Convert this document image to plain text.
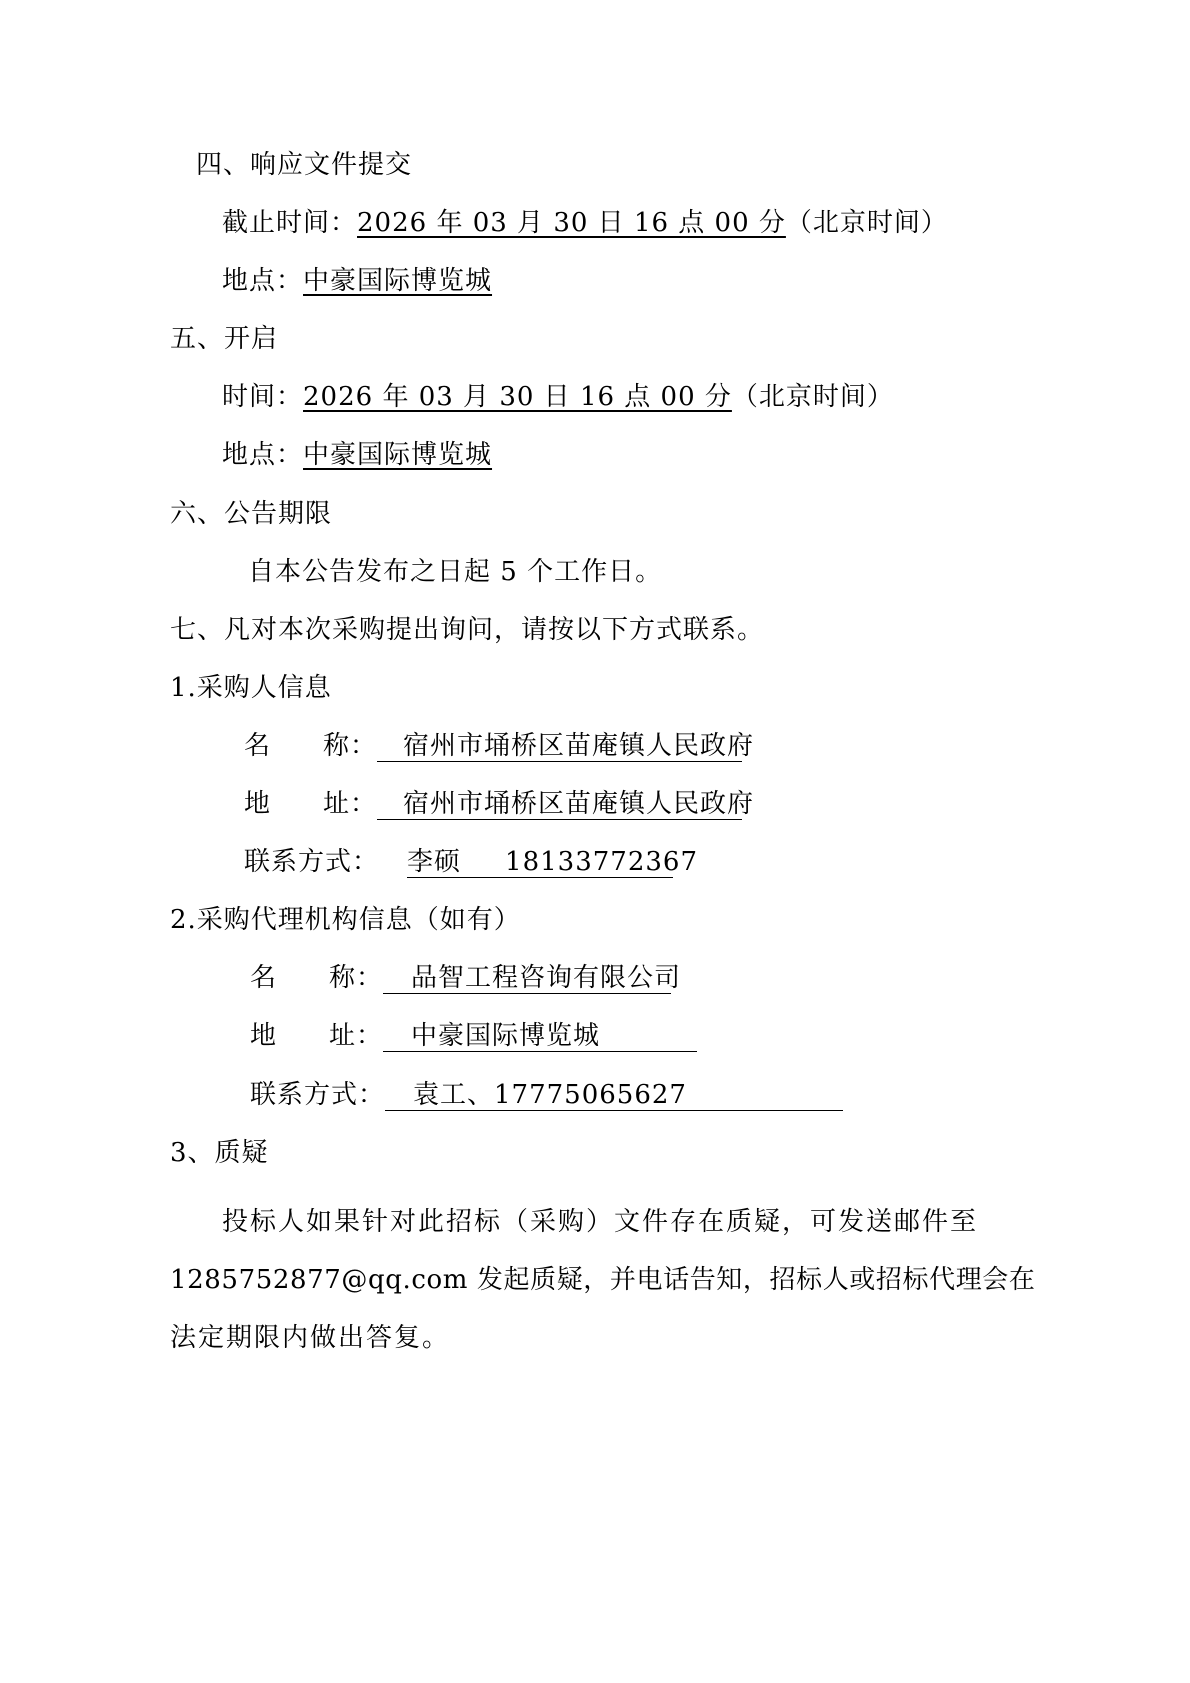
四、响应文件提交
截止时间：2026 年 03 月 30 日 16 点 00 分（北京时间）
地点：中豪国际博览城
五、开启
时间：2026 年 03 月 30 日 16 点 00 分（北京时间）
地点：中豪国际博览城
六、公告期限
自本公告发布之日起 5 个工作日。
七、凡对本次采购提出询问，请按以下方式联系。
1.采购人信息
名 称： 宿州市埇桥区苗庵镇人民政府
地 址： 宿州市埇桥区苗庵镇人民政府
联系方式： 李硕 18133772367
2.采购代理机构信息（如有）
名 称： 品智工程咨询有限公司
地 址： 中豪国际博览城
联系方式： 袁工、17775065627
3、质疑
投标人如果针对此招标（采购）文件存在质疑，可发送邮件至
1285752877@qq.com 发起质疑，并电话告知，招标人或招标代理会在
法定期限内做出答复。
